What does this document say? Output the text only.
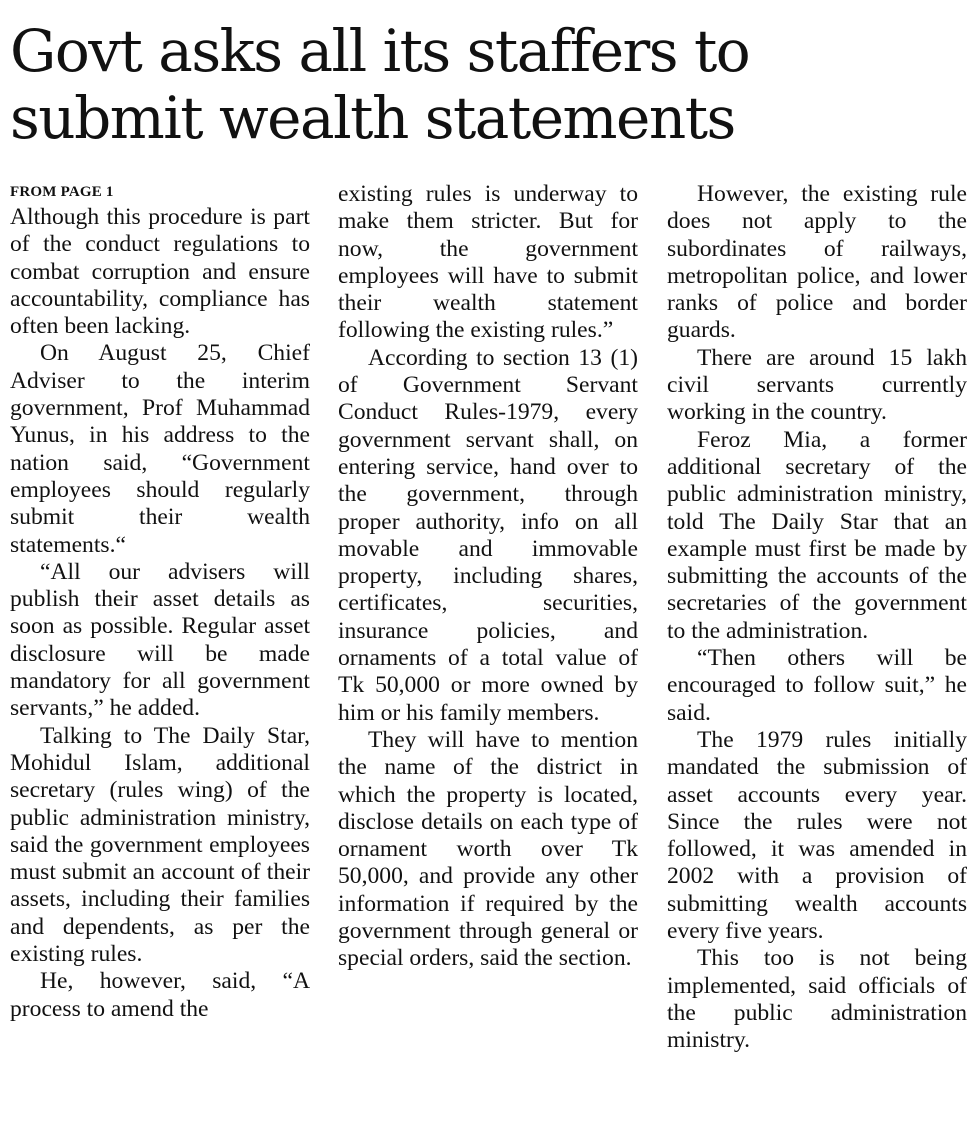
Govt asks all its staffers to
submit wealth statements
FROM PAGE 1

Although this procedure is part of the conduct regulations to combat corruption and ensure accountability, compliance has often been lacking.

On August 25, Chief Adviser to the interim government, Prof Muhammad Yunus, in his address to the nation said, “Government employees should regularly submit their wealth statements.“

“All our advisers will publish their asset details as soon as possible. Regular asset disclosure will be made mandatory for all government servants,” he added.

Talking to The Daily Star, Mohidul Islam, additional secretary (rules wing) of the public administration ministry, said the government employees must submit an account of their assets, including their families and dependents, as per the existing rules.

He, however, said, “A process to amend the

existing rules is underway to make them stricter. But for now, the government employees will have to submit their wealth statement following the existing rules.”

According to section 13 (1) of Government Servant Conduct Rules-1979, every government servant shall, on entering service, hand over to the government, through proper authority, info on all movable and immovable property, including shares, certificates, securities, insurance policies, and ornaments of a total value of Tk 50,000 or more owned by him or his family members.

They will have to mention the name of the district in which the property is located, disclose details on each type of ornament worth over Tk 50,000, and provide any other information if required by the government through general or special orders, said the section.

However, the existing rule does not apply to the subordinates of railways, metropolitan police, and lower ranks of police and border guards.

There are around 15 lakh civil servants currently working in the country.

Feroz Mia, a former additional secretary of the public administration ministry, told The Daily Star that an example must first be made by submitting the accounts of the secretaries of the government to the administration.

“Then others will be encouraged to follow suit,” he said.

The 1979 rules initially mandated the submission of asset accounts every year. Since the rules were not followed, it was amended in 2002 with a provision of submitting wealth accounts every five years.

This too is not being implemented, said officials of the public administration ministry.
